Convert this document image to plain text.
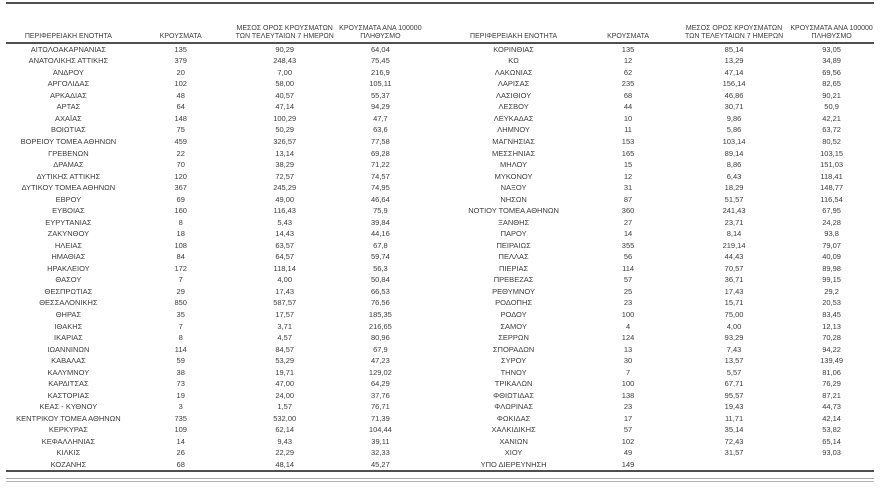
ΠΕΡΙΦΕΡΕΙΑΚΗ ΕΝΟΤΗΤΑ	ΚΡΟΥΣΜΑΤΑ	ΜΕΣΟΣ ΟΡΟΣ ΚΡΟΥΣΜΑΤΩΝ
ΤΩΝ ΤΕΛΕΥΤΑΙΩΝ 7 ΗΜΕΡΩΝ	ΚΡΟΥΣΜΑΤΑ ΑΝΑ 100000
ΠΛΗΘΥΣΜΟ

ΑΙΤΩΛΟΑΚΑΡΝΑΝΙΑΣ	135	90,29	64,04
ΑΝΑΤΟΛΙΚΗΣ ΑΤΤΙΚΗΣ	379	248,43	75,45
ΑΝΔΡΟΥ	20	7,00	216,9
ΑΡΓΟΛΙΔΑΣ	102	58,00	105,11
ΑΡΚΑΔΙΑΣ	48	40,57	55,37
ΑΡΤΑΣ	64	47,14	94,29
ΑΧΑΪΑΣ	148	100,29	47,7
ΒΟΙΩΤΙΑΣ	75	50,29	63,6
ΒΟΡΕΙΟΥ ΤΟΜΕΑ ΑΘΗΝΩΝ	459	326,57	77,58
ΓΡΕΒΕΝΩΝ	22	13,14	69,28
ΔΡΑΜΑΣ	70	38,29	71,22
ΔΥΤΙΚΗΣ ΑΤΤΙΚΗΣ	120	72,57	74,57
ΔΥΤΙΚΟΥ ΤΟΜΕΑ ΑΘΗΝΩΝ	367	245,29	74,95
ΕΒΡΟΥ	69	49,00	46,64
ΕΥΒΟΙΑΣ	160	116,43	75,9
ΕΥΡΥΤΑΝΙΑΣ	8	5,43	39,84
ΖΑΚΥΝΘΟΥ	18	14,43	44,16
ΗΛΕΙΑΣ	108	63,57	67,8
ΗΜΑΘΙΑΣ	84	64,57	59,74
ΗΡΑΚΛΕΙΟΥ	172	118,14	56,3
ΘΑΣΟΥ	7	4,00	50,84
ΘΕΣΠΡΩΤΙΑΣ	29	17,43	66,53
ΘΕΣΣΑΛΟΝΙΚΗΣ	850	587,57	76,56
ΘΗΡΑΣ	35	17,57	185,35
ΙΘΑΚΗΣ	7	3,71	216,65
ΙΚΑΡΙΑΣ	8	4,57	80,96
ΙΩΑΝΝΙΝΩΝ	114	84,57	67,9
ΚΑΒΑΛΑΣ	59	53,29	47,23
ΚΑΛΥΜΝΟΥ	38	19,71	129,02
ΚΑΡΔΙΤΣΑΣ	73	47,00	64,29
ΚΑΣΤΟΡΙΑΣ	19	24,00	37,76
ΚΕΑΣ - ΚΥΘΝΟΥ	3	1,57	76,71
ΚΕΝΤΡΙΚΟΥ ΤΟΜΕΑ ΑΘΗΝΩΝ	735	532,00	71,39
ΚΕΡΚΥΡΑΣ	109	62,14	104,44
ΚΕΦΑΛΛΗΝΙΑΣ	14	9,43	39,11
ΚΙΛΚΙΣ	26	22,29	32,33
ΚΟΖΑΝΗΣ	68	48,14	45,27
ΠΕΡΙΦΕΡΕΙΑΚΗ ΕΝΟΤΗΤΑ	ΚΡΟΥΣΜΑΤΑ	ΜΕΣΟΣ ΟΡΟΣ ΚΡΟΥΣΜΑΤΩΝ
ΤΩΝ ΤΕΛΕΥΤΑΙΩΝ 7 ΗΜΕΡΩΝ	ΚΡΟΥΣΜΑΤΑ ΑΝΑ 100000
ΠΛΗΘΥΣΜΟ

ΚΟΡΙΝΘΙΑΣ	135	85,14	93,05
ΚΩ	12	13,29	34,89
ΛΑΚΩΝΙΑΣ	62	47,14	69,56
ΛΑΡΙΣΑΣ	235	156,14	82,65
ΛΑΣΙΘΙΟΥ	68	46,86	90,21
ΛΕΣΒΟΥ	44	30,71	50,9
ΛΕΥΚΑΔΑΣ	10	9,86	42,21
ΛΗΜΝΟΥ	11	5,86	63,72
ΜΑΓΝΗΣΙΑΣ	153	103,14	80,52
ΜΕΣΣΗΝΙΑΣ	165	89,14	103,15
ΜΗΛΟΥ	15	8,86	151,03
ΜΥΚΟΝΟΥ	12	6,43	118,41
ΝΑΞΟΥ	31	18,29	148,77
ΝΗΣΩΝ	87	51,57	116,54
ΝΟΤΙΟΥ ΤΟΜΕΑ ΑΘΗΝΩΝ	360	241,43	67,95
ΞΑΝΘΗΣ	27	23,71	24,28
ΠΑΡΟΥ	14	8,14	93,8
ΠΕΙΡΑΙΩΣ	355	219,14	79,07
ΠΕΛΛΑΣ	56	44,43	40,09
ΠΙΕΡΙΑΣ	114	70,57	89,98
ΠΡΕΒΕΖΑΣ	57	36,71	99,15
ΡΕΘΥΜΝΟΥ	25	17,43	29,2
ΡΟΔΟΠΗΣ	23	15,71	20,53
ΡΟΔΟΥ	100	75,00	83,45
ΣΑΜΟΥ	4	4,00	12,13
ΣΕΡΡΩΝ	124	93,29	70,28
ΣΠΟΡΑΔΩΝ	13	7,43	94,22
ΣΥΡΟΥ	30	13,57	139,49
ΤΗΝΟΥ	7	5,57	81,06
ΤΡΙΚΑΛΩΝ	100	67,71	76,29
ΦΘΙΩΤΙΔΑΣ	138	95,57	87,21
ΦΛΩΡΙΝΑΣ	23	19,43	44,73
ΦΩΚΙΔΑΣ	17	11,71	42,14
ΧΑΛΚΙΔΙΚΗΣ	57	35,14	53,82
ΧΑΝΙΩΝ	102	72,43	65,14
ΧΙΟΥ	49	31,57	93,03
ΥΠΟ ΔΙΕΡΕΥΝΗΣΗ	149		
